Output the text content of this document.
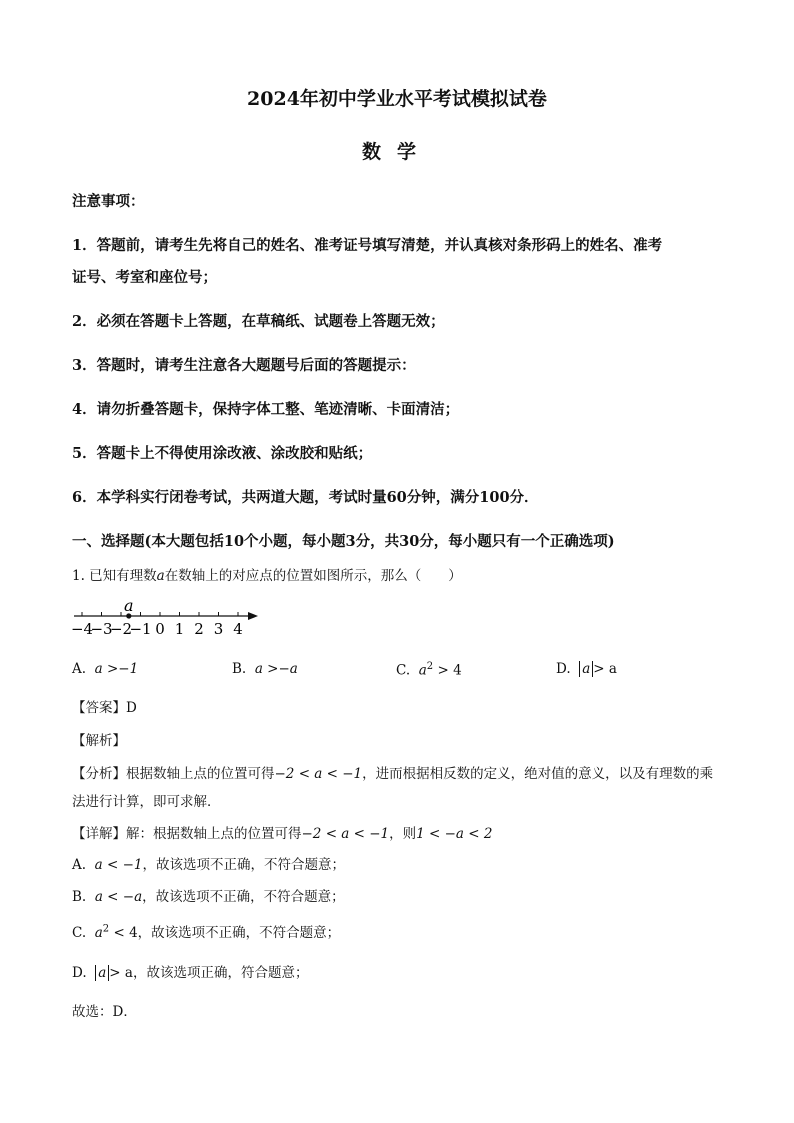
2024年初中学业水平考试模拟试卷
数学
注意事项：
1．答题前，请考生先将自己的姓名、准考证号填写清楚，并认真核对条形码上的姓名、准考
证号、考室和座位号；
2．必须在答题卡上答题，在草稿纸、试题卷上答题无效；
3．答题时，请考生注意各大题题号后面的答题提示：
4．请勿折叠答题卡，保持字体工整、笔迹清晰、卡面清洁；
5．答题卡上不得使用涂改液、涂改胶和贴纸；
6．本学科实行闭卷考试，共两道大题，考试时量60分钟，满分100分．
一、选择题(本大题包括10个小题，每小题3分，共30分，每小题只有一个正确选项)
1. 已知有理数a在数轴上的对应点的位置如图所示，那么（　　）
−4
−3
−2
−1 0 1 2 3 4
a
A. a >−1	B. a >−a	C. $a^2 > 4$	D. a > a
【答案】D
【解析】
【分析】根据数轴上点的位置可得−2 < a < −1，进而根据相反数的定义，绝对值的意义，以及有理数的乘
法进行计算，即可求解．
【详解】解：根据数轴上点的位置可得−2 < a < −1，则1 < −a < 2
A. a < −1，故该选项不正确，不符合题意；
B. a < −a，故该选项不正确，不符合题意；
C. $a^2 < 4$，故该选项不正确，不符合题意；
D. a > a，故该选项正确，符合题意；
故选：D．
